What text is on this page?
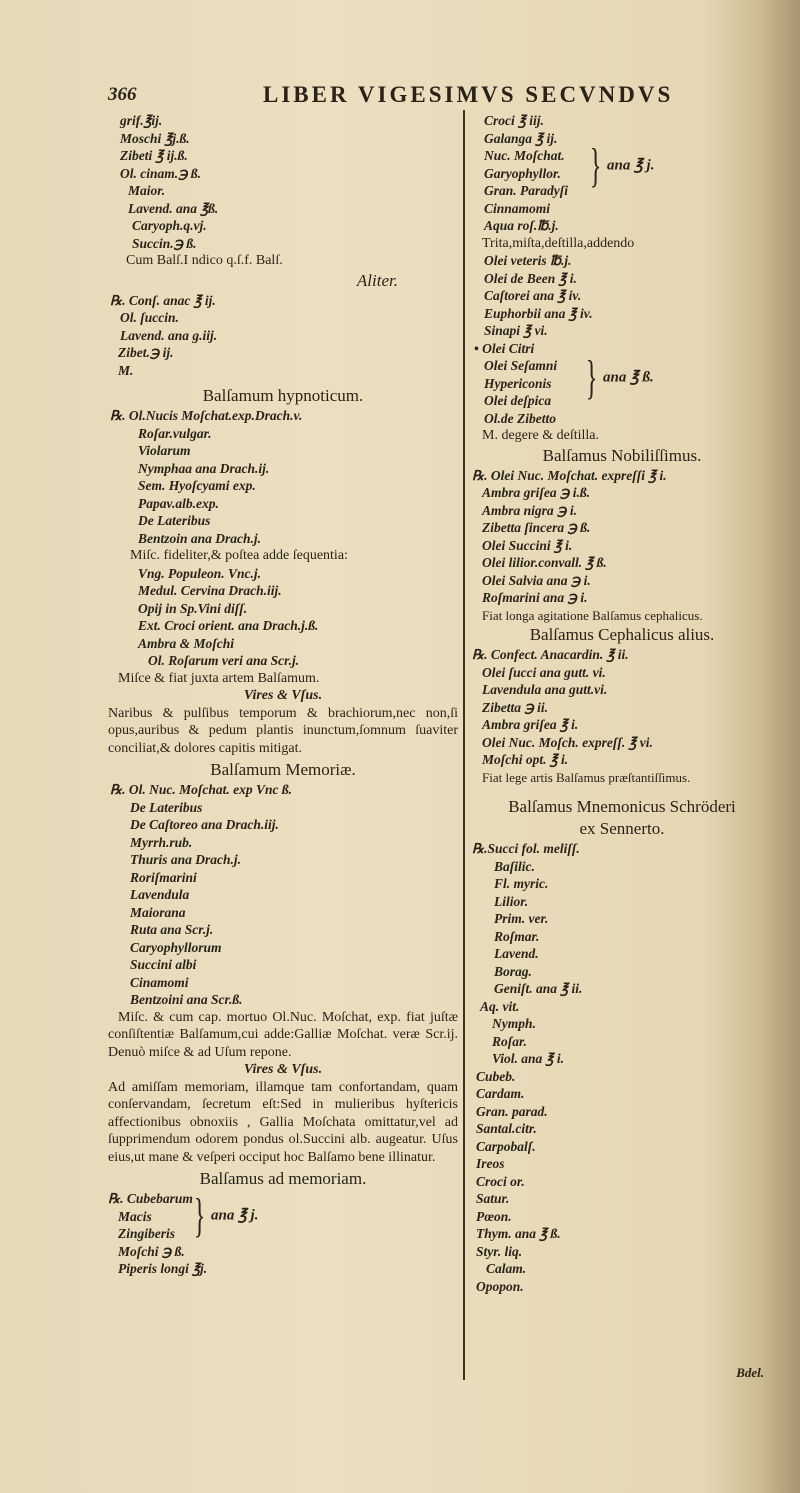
366	LIBER VIGESIMVS SECVNDVS
grif.℥ij.
Moschi ℥j.ß.
Zibeti ℥ ij.ß.
Ol. cinam.℈ ß.
Maior.
Lavend. ana ℥ß.
Caryoph.q.vj.
Succin.℈ ß.
Cum Balſ.I ndico q.ſ.f. Balſ.
Aliter.
℞. Conſ. anac ℥ ij.
Ol. ſuccin.
Lavend. ana g.iij.
Zibet.℈ ij.
M.
Balſamum hypnoticum.
℞. Ol.Nucis Moſchat.exp.Drach.v.
Roſar.vulgar.
Violarum
Nymphaa ana Drach.ij.
Sem. Hyoſcyami exp.
Papav.alb.exp.
De Lateribus
Bentzoin ana Drach.j.
Miſc. fideliter,& poſtea adde ſequentia:
Vng. Populeon. Vnc.j.
Medul. Cervina Drach.iij.
Opij in Sp.Vini diſſ.
Ext. Croci orient. ana Drach.j.ß.
Ambra & Moſchi
Ol. Roſarum veri ana Scr.j.
Miſce & fiat juxta artem Balſamum.
Vires & Vſus.
Naribus & pulſibus temporum & brachiorum,nec non,ſi opus,auribus & pedum plantis inunctum,ſomnum ſuaviter conciliat,& dolores capitis mitigat.
Balſamum Memoriæ.
℞. Ol. Nuc. Moſchat. exp Vnc ß.
De Lateribus
De Caſtoreo ana Drach.iij.
Myrrh.rub.
Thuris ana Drach.j.
Roriſmarini
Lavendula
Maiorana
Ruta ana Scr.j.
Caryophyllorum
Succini albi
Cinamomi
Bentzoini ana Scr.ß.
Miſc. & cum cap. mortuo Ol.Nuc. Moſchat, exp. fiat juſtæ conſiſtentiæ Balſamum,cui adde:Galliæ Moſchat. veræ Scr.ij. Denuò miſce & ad Uſum repone.
Vires & Vſus.
Ad amiſſam memoriam, illamque tam confortandam, quam conſervandam, ſecretum eſt:Sed in mulieribus hyſtericis affectionibus obnoxiis , Gallia Moſchata omittatur,vel ad ſupprimendum odorem pondus ol.Succini alb. augeatur. Uſus eius,ut mane & veſperi occiput hoc Balſamo bene illinatur.
Balſamus ad memoriam.
℞. Cubebarum
Macis
Zingiberis
Moſchi ℈ ß.
Piperis longi ℥j.
} ana ℥ j.
Croci ℥ iij.
Galanga ℥ ij.
Nuc. Moſchat.
Garyophyllor.
Gran. Paradyſi
Cinnamomi
Aqua roſ.℔.j.
} ana ℥ j.
Trita,miſta,deſtilla,addendo
Olei veteris ℔.j.
Olei de Been ℥ i.
Caſtorei ana ℥ iv.
Euphorbii ana ℥ iv.
Sinapi ℥ vi.
• Olei Citri
Olei Seſamni
Hypericonis
Olei deſpica
Ol.de Zibetto
} ana ℥ ß.
M. degere & deſtilla.
Balſamus Nobiliſſimus.
℞. Olei Nuc. Moſchat. expreſſi ℥ i.
Ambra griſea ℈ i.ß.
Ambra nigra ℈ i.
Zibetta ſincera ℈ ß.
Olei Succini ℥ i.
Olei lilior.convall. ℥ ß.
Olei Salvia ana ℈ i.
Roſmarini ana ℈ i.
Fiat longa agitatione Balſamus cephalicus.
Balſamus Cephalicus alius.
℞. Confect. Anacardin. ℥ ii.
Olei ſucci ana gutt. vi.
Lavendula ana gutt.vi.
Zibetta ℈ ii.
Ambra griſea ℥ i.
Olei Nuc. Moſch. expreſſ. ℥ vi.
Moſchi opt. ℥ i.
Fiat lege artis Balſamus præſtantiſſimus.
Balſamus Mnemonicus Schröderi
ex Sennerto.
℞.Succi fol. meliſſ.
Baſilic.
Fl. myric.
Lilior.
Prim. ver.
Roſmar.
Lavend.
Borag.
Geniſt. ana ℥ ii.
Aq. vit.
Nymph.
Roſar.
Viol. ana ℥ i.
Cubeb.
Cardam.
Gran. parad.
Santal.citr.
Carpobalſ.
Ireos
Croci or.
Satur.
Pœon.
Thym. ana ℥ ß.
Styr. liq.
Calam.
Opopon.
Bdel.
